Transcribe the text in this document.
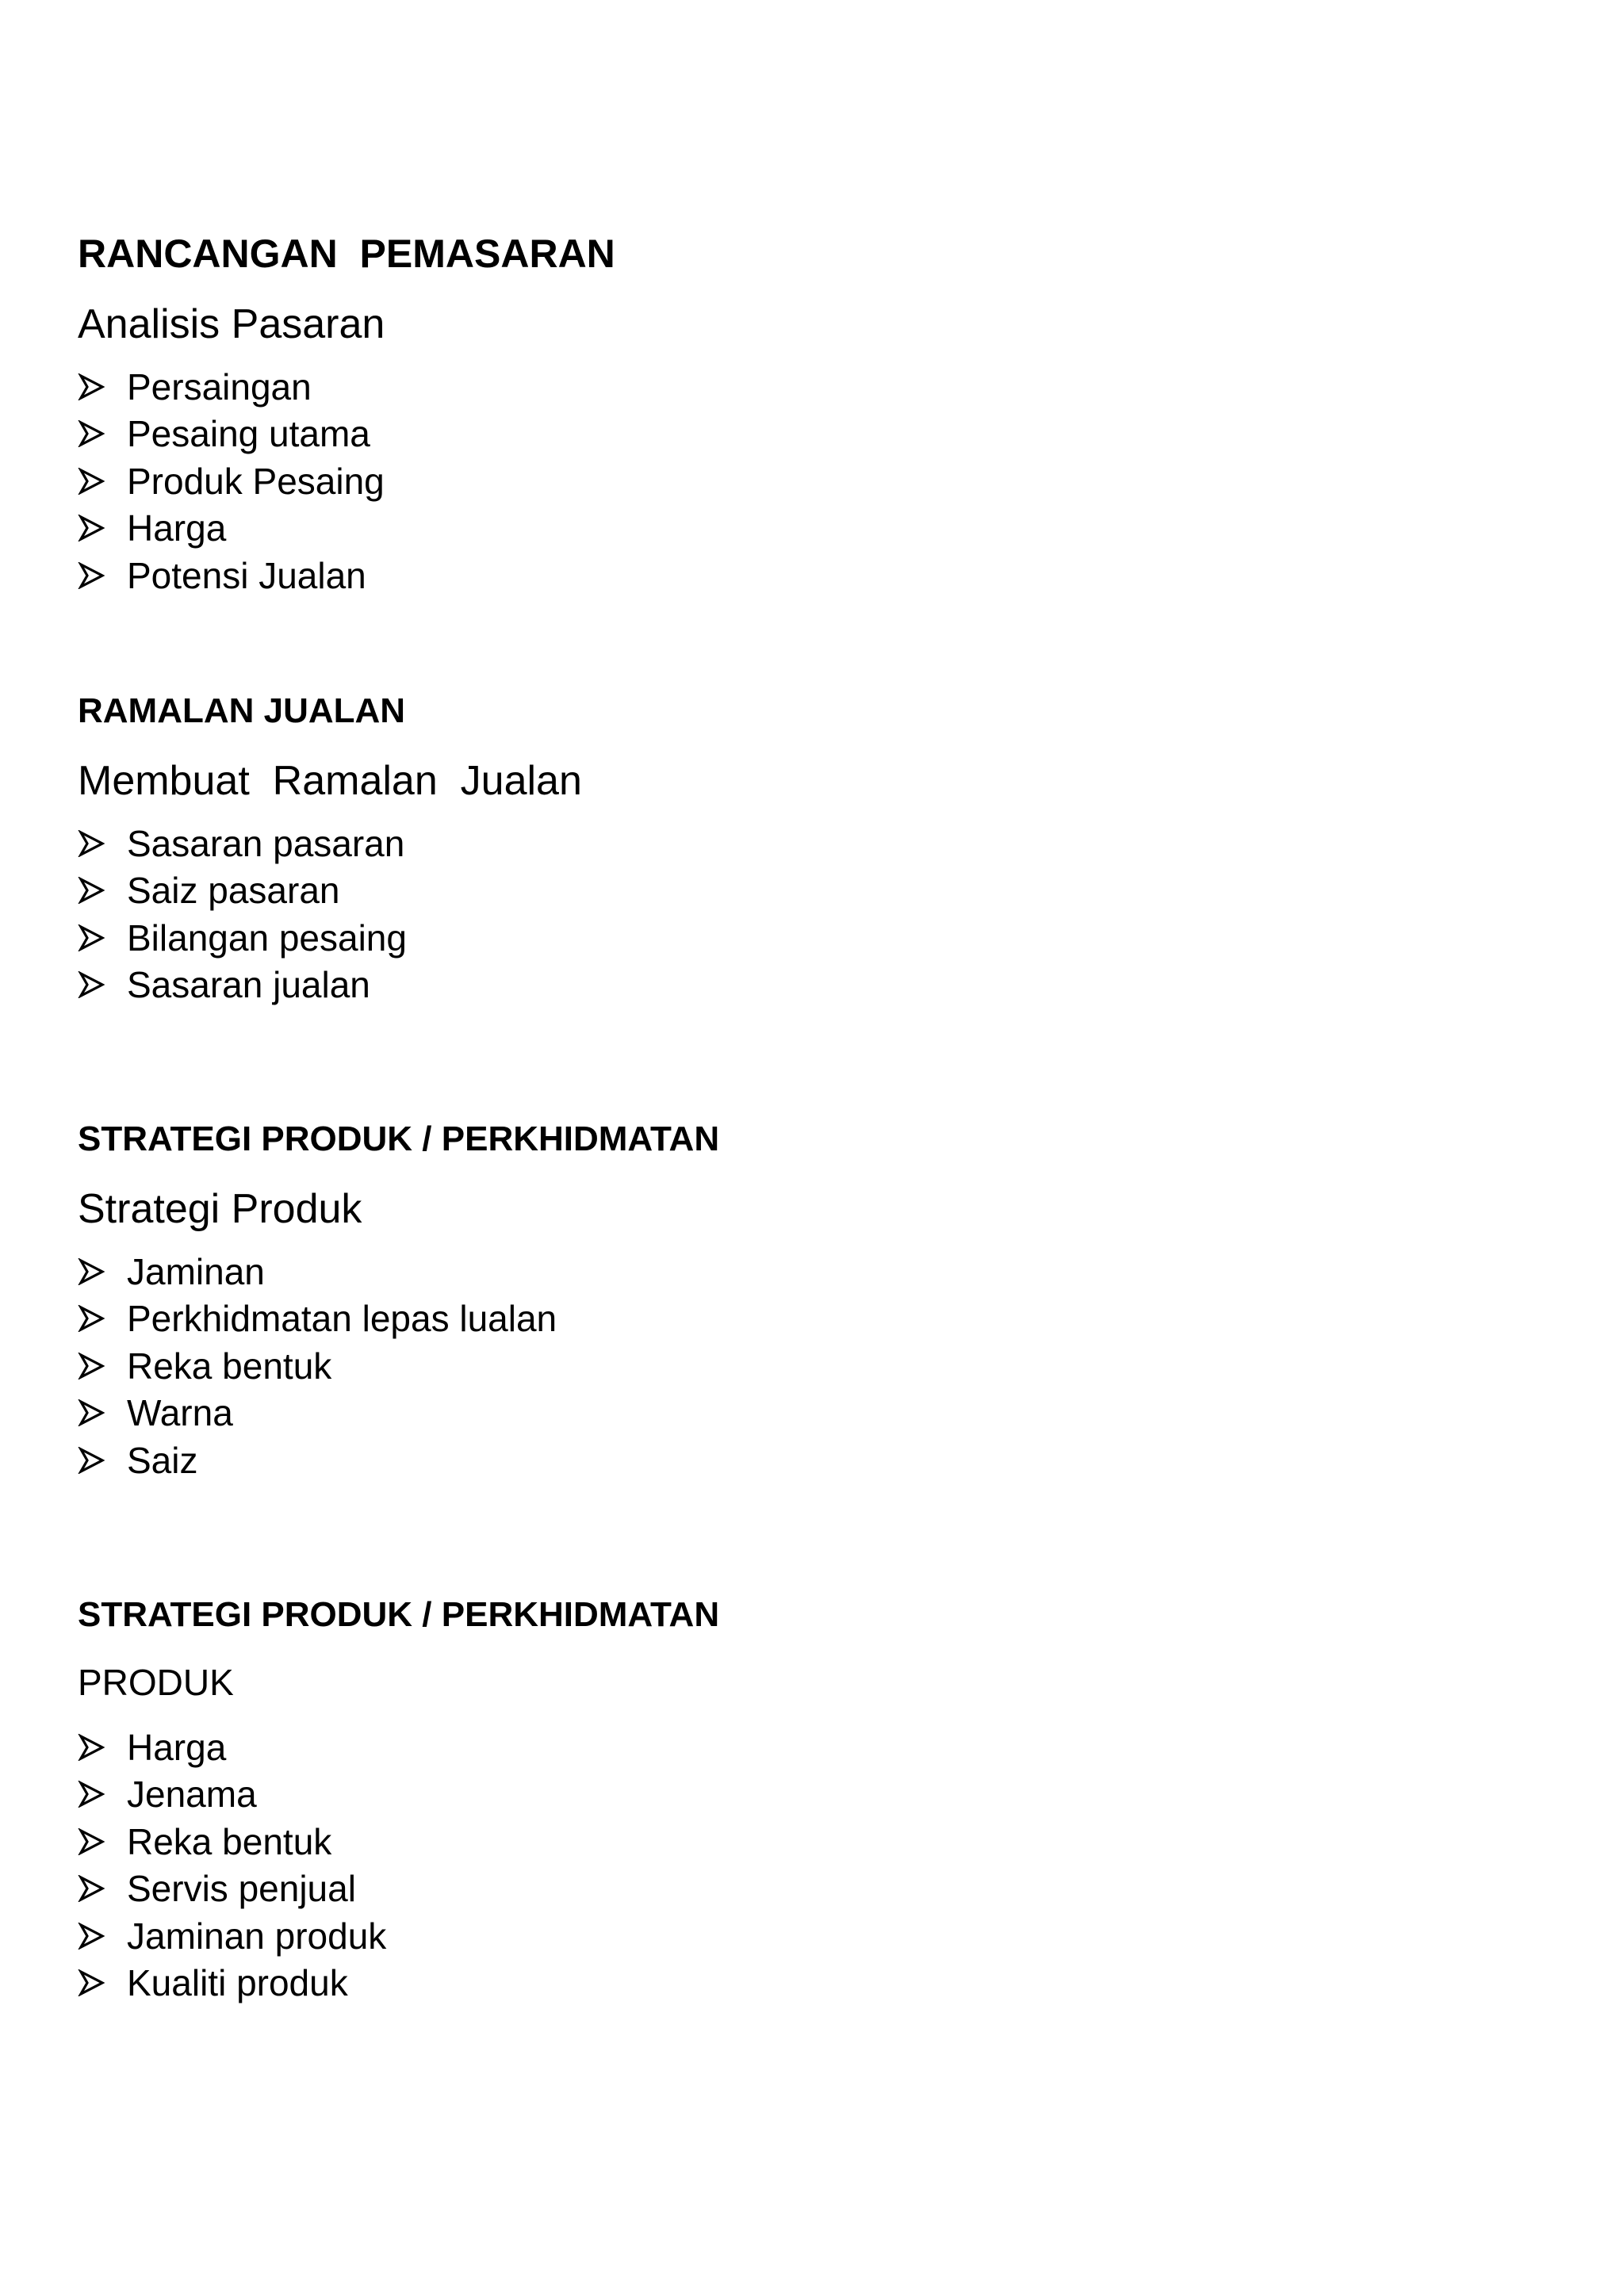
RANCANGAN  PEMASARAN
Analisis Pasaran
Persaingan
Pesaing utama
Produk Pesaing
Harga
Potensi Jualan
RAMALAN JUALAN
Membuat  Ramalan  Jualan
Sasaran pasaran
Saiz pasaran
Bilangan pesaing
Sasaran jualan
STRATEGI PRODUK / PERKHIDMATAN
Strategi Produk
Jaminan
Perkhidmatan lepas lualan
Reka bentuk
Warna
Saiz
STRATEGI PRODUK / PERKHIDMATAN
PRODUK
Harga
Jenama
Reka bentuk
Servis penjual
Jaminan produk
Kualiti produk
